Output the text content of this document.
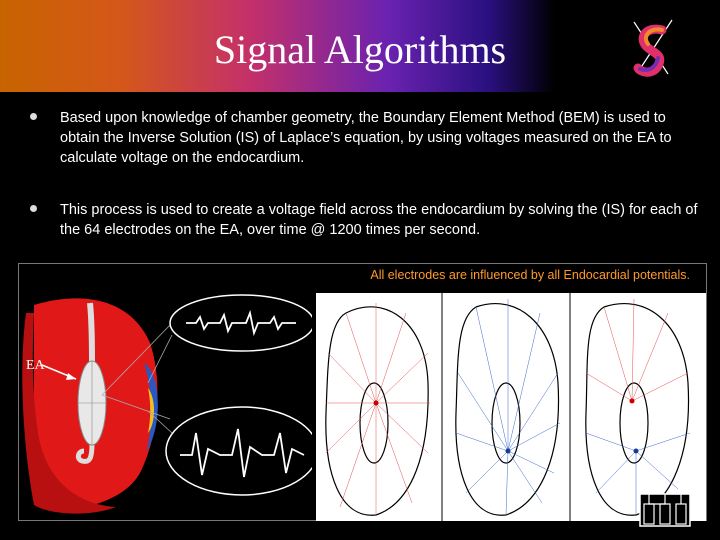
Signal Algorithms
Based upon knowledge of chamber geometry, the Boundary Element Method (BEM) is used to obtain the Inverse Solution (IS) of Laplace’s equation, by using voltages measured on the EA to calculate voltage on the endocardium.
This process is used to create a voltage field across the endocardium by solving the (IS) for each of the 64 electrodes on the EA, over time @ 1200 times per second.
All electrodes are influenced by all Endocardial potentials.
EA
